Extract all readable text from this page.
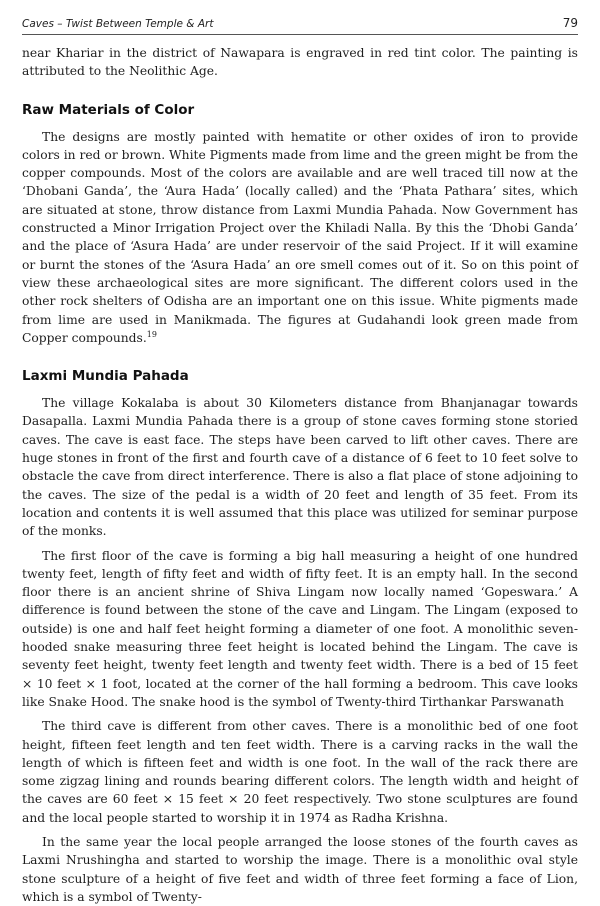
Caves – Twist Between Temple & Art	79

near Khariar in the district of Nawapara is engraved in red tint color. The painting is attributed to the Neolithic Age.

Raw Materials of Color

The designs are mostly painted with hematite or other oxides of iron to provide colors in red or brown. White Pigments made from lime and the green might be from the copper compounds. Most of the colors are available and are well traced till now at the ‘Dhobani Ganda’, the ‘Aura Hada’ (locally called) and the ‘Phata Pathara’ sites, which are situated at stone, throw distance from Laxmi Mundia Pahada. Now Government has constructed a Minor Irrigation Project over the Khiladi Nalla. By this the ‘Dhobi Ganda’ and the place of ‘Asura Hada’ are under reservoir of the said Project. If it will examine or burnt the stones of the ‘Asura Hada’ an ore smell comes out of it. So on this point of view these archaeological sites are more significant. The different colors used in the other rock shelters of Odisha are an important one on this issue. White pigments made from lime are used in Manikmada. The figures at Gudahandi look green made from Copper compounds.$^{19}$

Laxmi Mundia Pahada

The village Kokalaba is about 30 Kilometers distance from Bhanjanagar towards Dasapalla. Laxmi Mundia Pahada there is a group of stone caves forming stone storied caves. The cave is east face. The steps have been carved to lift other caves. There are huge stones in front of the first and fourth cave of a distance of 6 feet to 10 feet solve to obstacle the cave from direct interference. There is also a flat place of stone adjoining to the caves. The size of the pedal is a width of 20 feet and length of 35 feet. From its location and contents it is well assumed that this place was utilized for seminar purpose of the monks.

The first floor of the cave is forming a big hall measuring a height of one hundred twenty feet, length of fifty feet and width of fifty feet. It is an empty hall. In the second floor there is an ancient shrine of Shiva Lingam now locally named ‘Gopeswara.’ A difference is found between the stone of the cave and Lingam. The Lingam (exposed to outside) is one and half feet height forming a diameter of one foot. A monolithic seven-hooded snake measuring three feet height is located behind the Lingam. The cave is seventy feet height, twenty feet length and twenty feet width. There is a bed of 15 feet × 10 feet × 1 foot, located at the corner of the hall forming a bedroom. This cave looks like Snake Hood. The snake hood is the symbol of Twenty-third Tirthankar Parswanath

The third cave is different from other caves. There is a monolithic bed of one foot height, fifteen feet length and ten feet width. There is a carving racks in the wall the length of which is fifteen feet and width is one foot. In the wall of the rack there are some zigzag lining and rounds bearing different colors. The length width and height of the caves are 60 feet × 15 feet × 20 feet respectively. Two stone sculptures are found and the local people started to worship it in 1974 as Radha Krishna.

In the same year the local people arranged the loose stones of the fourth caves as Laxmi Nrushingha and started to worship the image. There is a monolithic oval style stone sculpture of a height of five feet and width of three feet forming a face of Lion, which is a symbol of Twenty-
